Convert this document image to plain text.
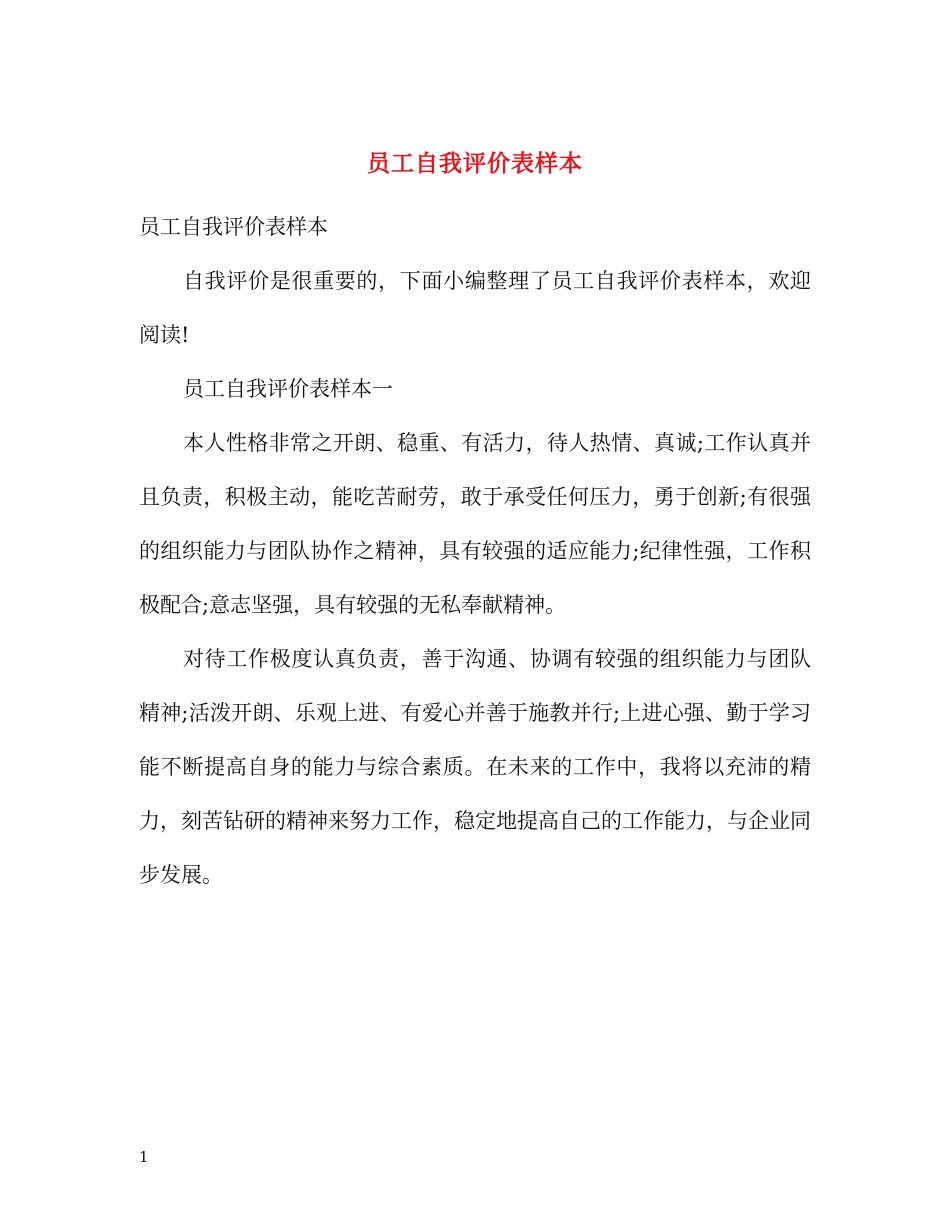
员工自我评价表样本

员工自我评价表样本

自我评价是很重要的，下面小编整理了员工自我评价表样本，欢迎阅读!

员工自我评价表样本一

本人性格非常之开朗、稳重、有活力，待人热情、真诚;工作认真并且负责，积极主动，能吃苦耐劳，敢于承受任何压力，勇于创新;有很强的组织能力与团队协作之精神，具有较强的适应能力;纪律性强，工作积极配合;意志坚强，具有较强的无私奉献精神。

对待工作极度认真负责，善于沟通、协调有较强的组织能力与团队精神;活泼开朗、乐观上进、有爱心并善于施教并行;上进心强、勤于学习能不断提高自身的能力与综合素质。在未来的工作中，我将以充沛的精力，刻苦钻研的精神来努力工作，稳定地提高自己的工作能力，与企业同步发展。

1
